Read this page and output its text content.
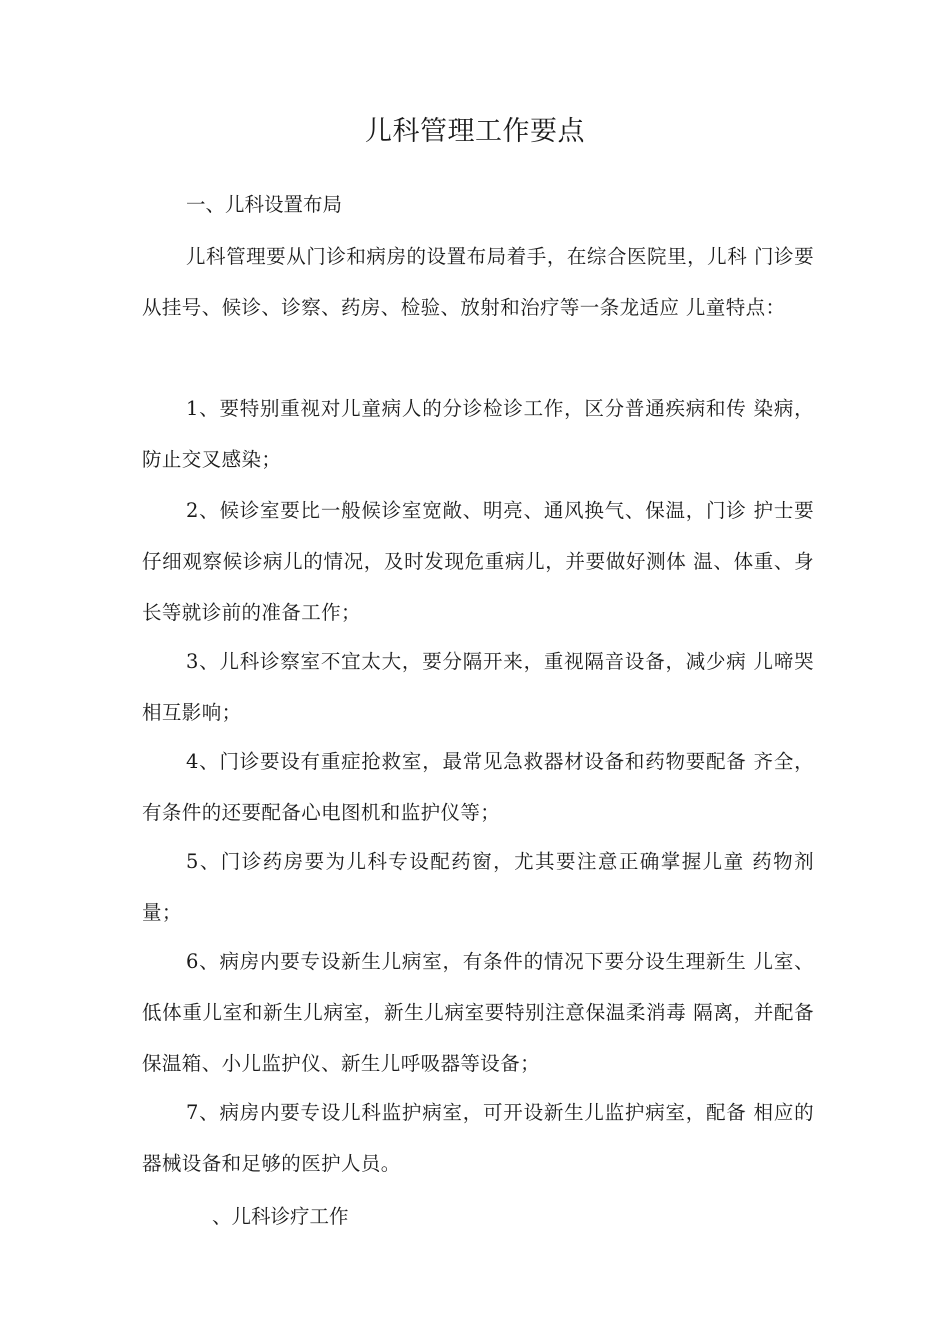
儿科管理工作要点
一、儿科设置布局
儿科管理要从门诊和病房的设置布局着手，在综合医院里，儿科 门诊要从挂号、候诊、诊察、药房、检验、放射和治疗等一条龙适应 儿童特点：
1、要特别重视对儿童病人的分诊检诊工作，区分普通疾病和传 染病，防止交叉感染；
2、候诊室要比一般候诊室宽敞、明亮、通风换气、保温，门诊 护士要仔细观察候诊病儿的情况，及时发现危重病儿，并要做好测体 温、体重、身长等就诊前的准备工作；
3、儿科诊察室不宜太大，要分隔开来，重视隔音设备，减少病 儿啼哭相互影响；
4、门诊要设有重症抢救室，最常见急救器材设备和药物要配备 齐全，有条件的还要配备心电图机和监护仪等；
5、门诊药房要为儿科专设配药窗，尤其要注意正确掌握儿童 药物剂量；
6、病房内要专设新生儿病室，有条件的情况下要分设生理新生 儿室、低体重儿室和新生儿病室，新生儿病室要特别注意保温柔消毒 隔离，并配备保温箱、小儿监护仪、新生儿呼吸器等设备；
7、病房内要专设儿科监护病室，可开设新生儿监护病室，配备 相应的器械设备和足够的医护人员。
、儿科诊疗工作
